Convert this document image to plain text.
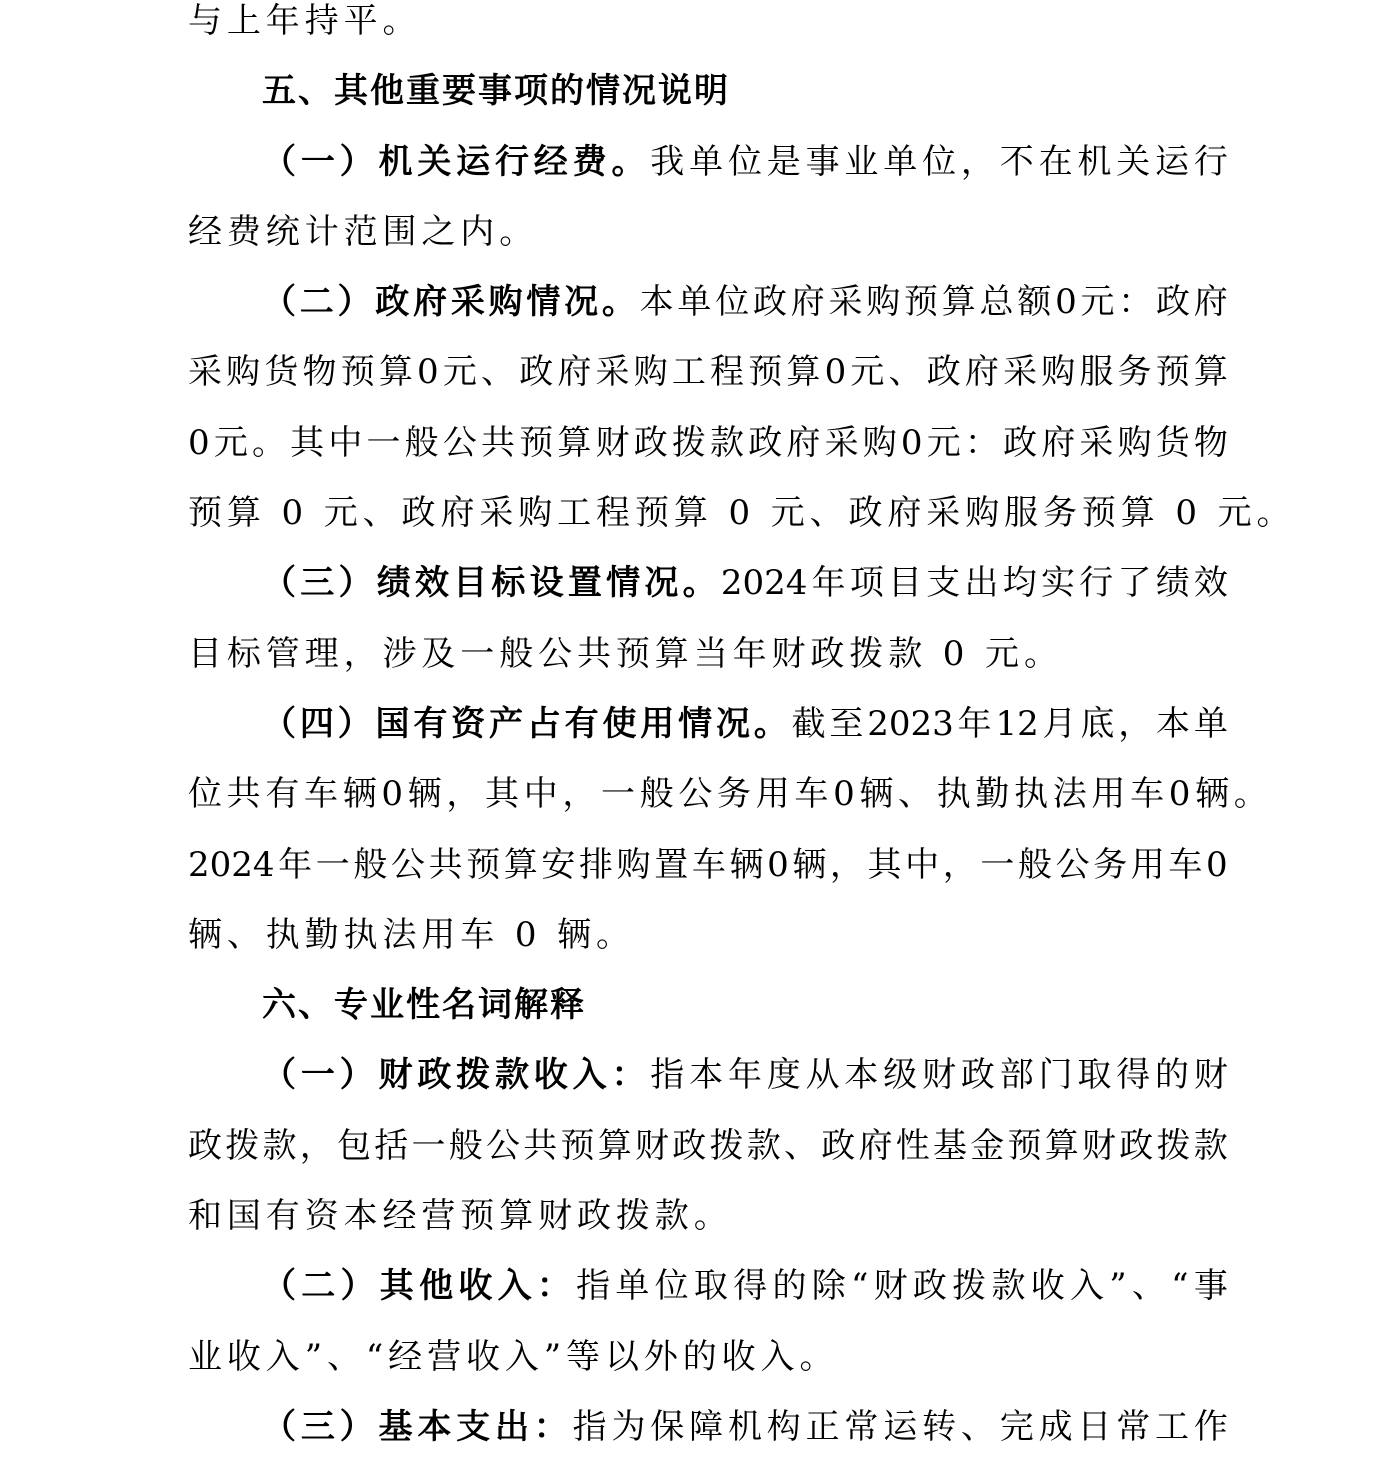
与上年持平。
五、其他重要事项的情况说明
（ 一 ） 机 关 运 行 经 费 。 我 单 位 是 事 业 单 位 ， 不 在 机 关 运 行
经费统计范围之内。
（ 二 ） 政 府 采 购 情 况 。 本 单 位 政 府 采 购 预 算 总 额 0 元 ： 政 府
采 购 货 物 预 算 0 元 、 政 府 采 购 工 程 预 算 0 元 、 政 府 采 购 服 务 预 算
0 元 。 其 中 一 般 公 共 预 算 财 政 拨 款 政 府 采 购 0 元 ： 政 府 采 购 货 物
预算 0 元、政府采购工程预算 0 元、政府采购服务预算 0 元。
（ 三 ） 绩 效 目 标 设 置 情 况 。 2024 年 项 目 支 出 均 实 行 了 绩 效
目标管理，涉及一般公共预算当年财政拨款 0 元。
（ 四 ） 国 有 资 产 占 有 使 用 情 况 。 截 至 2023 年 12 月 底 ， 本 单
位 共 有 车 辆 0 辆 ， 其 中 ， 一 般 公 务 用 车 0 辆 、 执 勤 执 法 用 车 0 辆 。
2024 年 一 般 公 共 预 算 安 排 购 置 车 辆 0 辆 ， 其 中 ， 一 般 公 务 用 车 0
辆、执勤执法用车 0 辆。
六、专业性名词解释
（ 一 ） 财 政 拨 款 收 入 ： 指 本 年 度 从 本 级 财 政 部 门 取 得 的 财
政 拨 款 ， 包 括 一 般 公 共 预 算 财 政 拨 款 、 政 府 性 基 金 预 算 财 政 拨 款
和国有资本经营预算财政拨款。
（ 二 ） 其 他 收 入 ： 指 单 位 取 得 的 除 “ 财 政 拨 款 收 入 ” 、 “ 事
业收入”、“经营收入”等以外的收入。
（ 三 ） 基 本 支 出 ： 指 为 保 障 机 构 正 常 运 转 、 完 成 日 常 工 作
